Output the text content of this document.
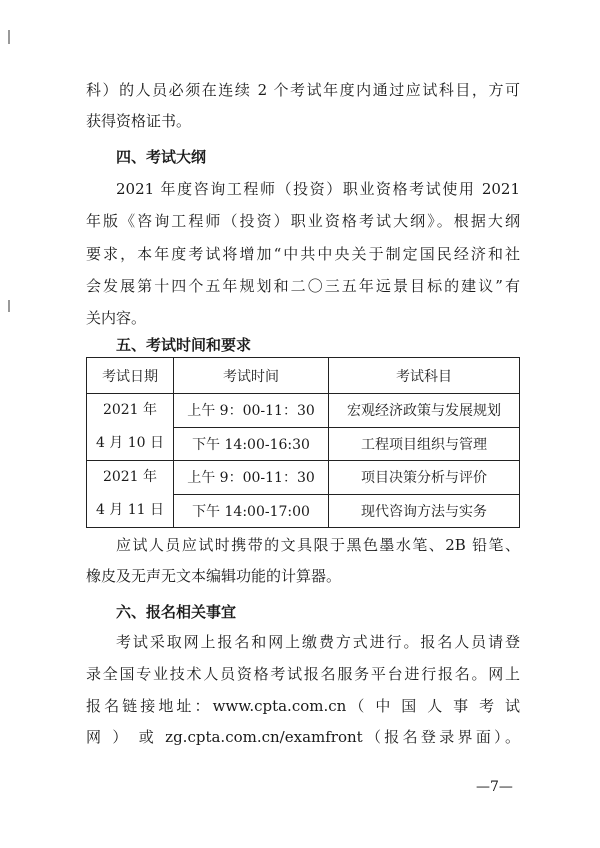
科）的人员必须在连续 2 个考试年度内通过应试科目，方可
获得资格证书。
四、考试大纲
2021 年度咨询工程师（投资）职业资格考试使用 2021
年版《咨询工程师（投资）职业资格考试大纲》。根据大纲
要求，本年度考试将增加“中共中央关于制定国民经济和社
会发展第十四个五年规划和二〇三五年远景目标的建议”有
关内容。
五、考试时间和要求
考试日期	考试时间	考试科目

2021 年
4 月 10 日	上午 9：00-11：30	宏观经济政策与发展规划
	下午 14:00-16:30	工程项目组织与管理

2021 年
4 月 11 日	上午 9：00-11：30	项目决策分析与评价
	下午 14:00-17:00	现代咨询方法与实务
应试人员应试时携带的文具限于黑色墨水笔、2B 铅笔、
橡皮及无声无文本编辑功能的计算器。
六、报名相关事宜
考试采取网上报名和网上缴费方式进行。报名人员请登
录全国专业技术人员资格考试报名服务平台进行报名。网上
报名链接地址：www.cpta.com.cn（ 中 国 人 事 考 试
网 ） 或 zg.cpta.com.cn/examfront（报名登录界面）。
—7—
